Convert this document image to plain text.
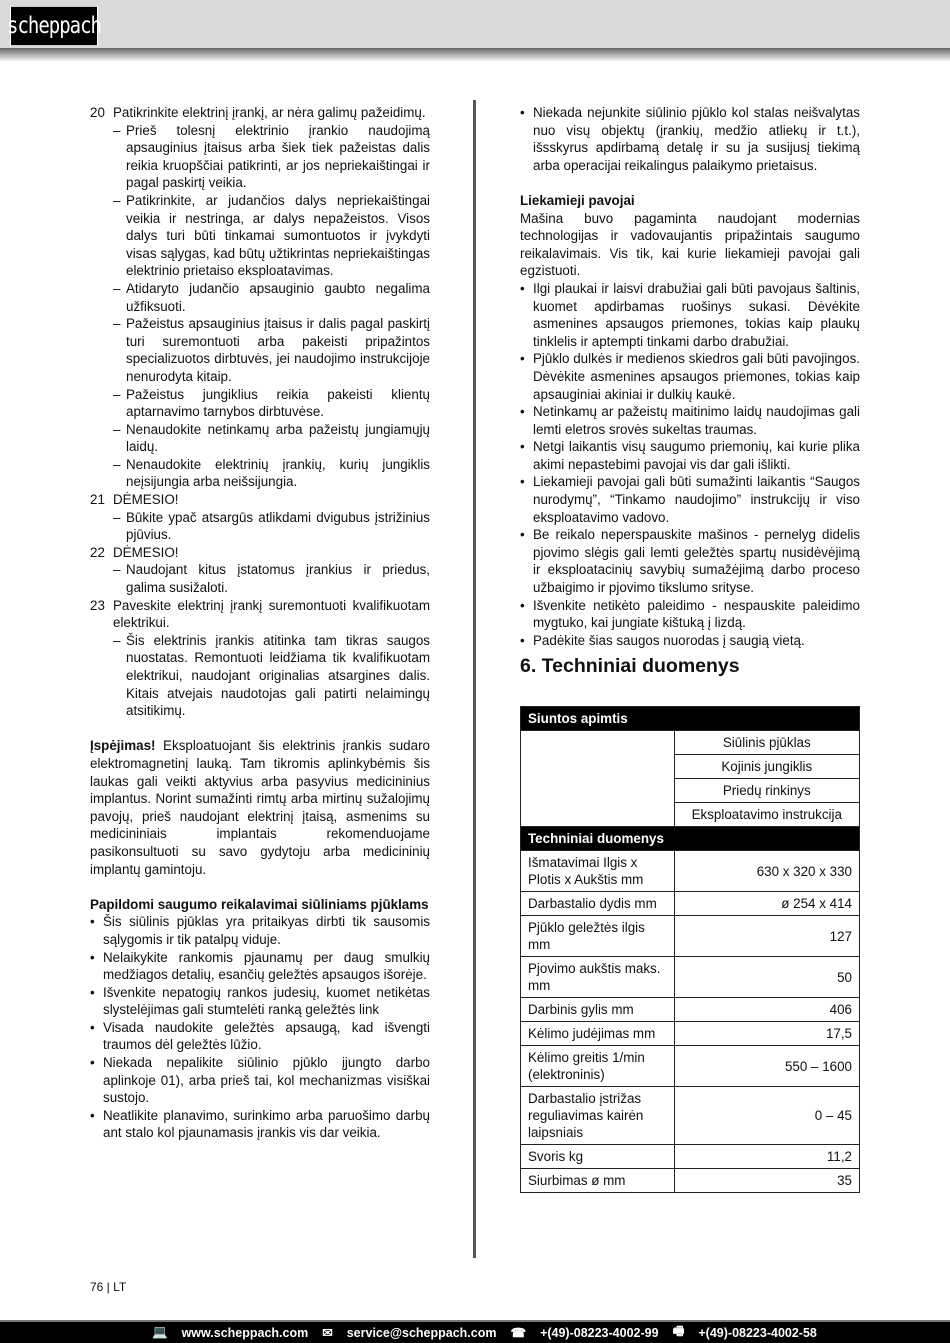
scheppach
20 Patikrinkite elektrinį įrankį, ar nėra galimų pažeidimų.
– Prieš tolesnį elektrinio įrankio naudojimą apsauginius įtaisus arba šiek tiek pažeistas dalis reikia kruopščiai patikrinti, ar jos nepriekaištingai ir pagal paskirtį veikia.
– Patikrinkite, ar judančios dalys nepriekaištingai veikia ir nestringa, ar dalys nepažeistos. Visos dalys turi būti tinkamai sumontuotos ir įvykdyti visas sąlygas, kad būtų užtikrintas nepriekaištingas elektrinio prietaiso eksploatavimas.
– Atidaryto judančio apsauginio gaubto negalima užfiksuoti.
– Pažeistus apsauginius įtaisus ir dalis pagal paskirtį turi suremontuoti arba pakeisti pripažintos specializuotos dirbtuvės, jei naudojimo instrukcijoje nenurodyta kitaip.
– Pažeistus jungiklius reikia pakeisti klientų aptarnavimo tarnybos dirbtuvėse.
– Nenaudokite netinkamų arba pažeistų jungiamųjų laidų.
– Nenaudokite elektrinių įrankių, kurių jungiklis neįsijungia arba neišsijungia.
21 DĖMESIO!
– Būkite ypač atsargūs atlikdami dvigubus įstrižinius pjūvius.
22 DĖMESIO!
– Naudojant kitus įstatomus įrankius ir priedus, galima susižaloti.
23 Paveskite elektrinį įrankį suremontuoti kvalifikuotam elektrikui.
– Šis elektrinis įrankis atitinka tam tikras saugos nuostatas. Remontuoti leidžiama tik kvalifikuotam elektrikui, naudojant originalias atsargines dalis. Kitais atvejais naudotojas gali patirti nelaimingų atsitikimų.

Įspėjimas! Eksploatuojant šis elektrinis įrankis sudaro elektromagnetinį lauką. Tam tikromis aplinkybėmis šis laukas gali veikti aktyvius arba pasyvius medicininius implantus. Norint sumažinti rimtų arba mirtinų sužalojimų pavojų, prieš naudojant elektrinį įtaisą, asmenims su medicininiais implantais rekomenduojame pasikonsultuoti su savo gydytoju arba medicininių implantų gamintoju.

Papildomi saugumo reikalavimai siūliniams pjūklams
• Šis siūlinis pjūklas yra pritaikyas dirbti tik sausomis sąlygomis ir tik patalpų viduje.
• Nelaikykite rankomis pjaunamų per daug smulkių medžiagos detalių, esančių geležtės apsaugos išorėje.
• Išvenkite nepatogių rankos judesių, kuomet netikėtas slystelėjimas gali stumtelėti ranką geležtės link
• Visada naudokite geležtės apsaugą, kad išvengti traumos dėl geležtės lūžio.
• Niekada nepalikite siūlinio pjūklo įjungto darbo aplinkoje 01), arba prieš tai, kol mechanizmas visiškai sustojo.
• Neatlikite planavimo, surinkimo arba paruošimo darbų ant stalo kol pjaunamasis įrankis vis dar veikia.
• Niekada nejunkite siūlinio pjūklo kol stalas neišvalytas nuo visų objektų (įrankių, medžio atliekų ir t.t.), išsskyrus apdirbamą detalę ir su ja susijusį tiekimą arba operacijai reikalingus palaikymo prietaisus.
Liekamieji pavojai

Mašina buvo pagaminta naudojant modernias technologijas ir vadovaujantis pripažintais saugumo reikalavimais. Vis tik, kai kurie liekamieji pavojai gali egzistuoti.

• Ilgi plaukai ir laisvi drabužiai gali būti pavojaus šaltinis, kuomet apdirbamas ruošinys sukasi. Dėvėkite asmenines apsaugos priemones, tokias kaip plaukų tinklelis ir aptempti tinkami darbo drabužiai.
• Pjūklo dulkės ir medienos skiedros gali būti pavojingos. Dėvėkite asmenines apsaugos priemones, tokias kaip apsauginiai akiniai ir dulkių kaukė.
• Netinkamų ar pažeistų maitinimo laidų naudojimas gali lemti eletros srovės sukeltas traumas.
• Netgi laikantis visų saugumo priemonių, kai kurie plika akimi nepastebimi pavojai vis dar gali išlikti.
• Liekamieji pavojai gali būti sumažinti laikantis “Saugos nurodymų”, “Tinkamo naudojimo” instrukcijų ir viso eksploatavimo vadovo.
• Be reikalo neperspauskite mašinos - pernelyg didelis pjovimo slėgis gali lemti geležtės spartų nusidėvėjimą ir eksploatacinių savybių sumažėjimą darbo proceso užbaigimo ir pjovimo tikslumo srityse.
• Išvenkite netikėto paleidimo - nespauskite paleidimo mygtuko, kai jungiate kištuką į lizdą.
• Padėkite šias saugos nuorodas į saugią vietą.
6. Techniniai duomenys
Siuntos apimtis	
	Siūlinis pjūklas
	Kojinis jungiklis
	Priedų rinkinys
	Eksploatavimo instrukcija
Techniniai duomenys	
Išmatavimai Ilgis x Plotis x Aukštis mm	630 x 320 x 330
Darbastalio dydis mm	ø 254 x 414
Pjūklo geležtės ilgis mm	127
Pjovimo aukštis maks. mm	50
Darbinis gylis mm	406
Kėlimo judėjimas mm	17,5
Kėlimo greitis 1/min (elektroninis)	550 – 1600
Darbastalio įstrižas reguliavimas kairėn laipsniais	0 – 45
Svoris kg	11,2
Siurbimas ø mm	35
76 | LT
💻 www.scheppach.com ✉ service@scheppach.com ☎ +(49)-08223-4002-99 🖷 +(49)-08223-4002-58
